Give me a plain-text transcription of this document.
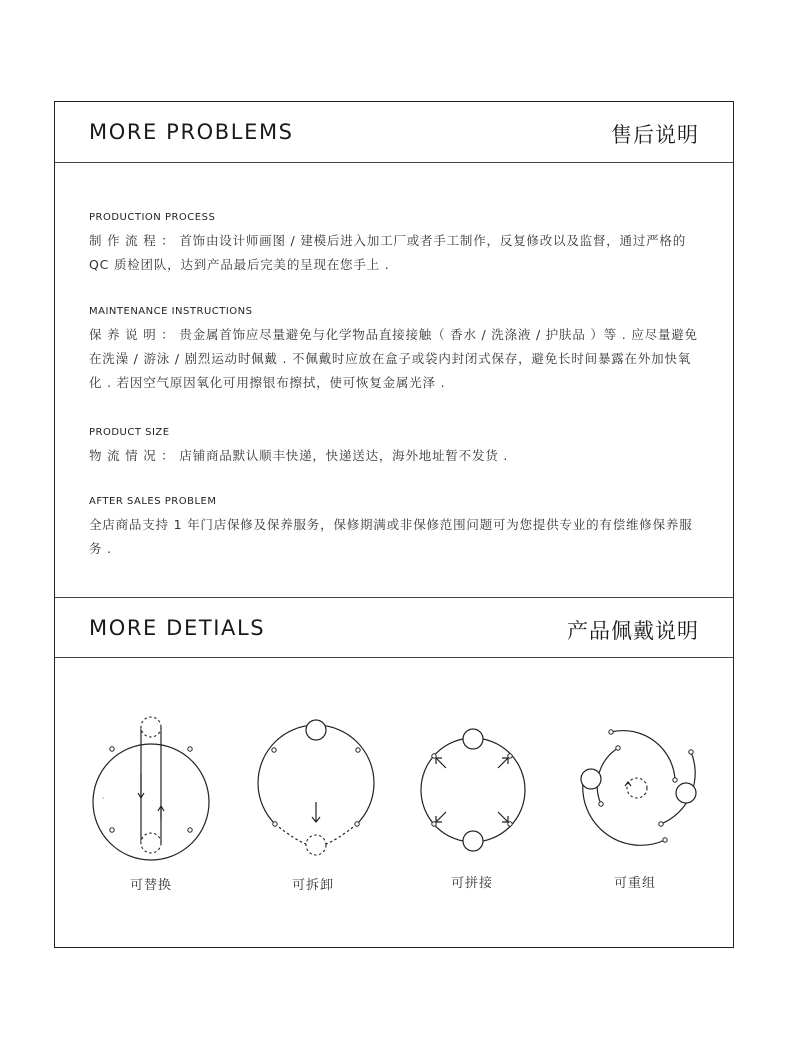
MORE PROBLEMS	售后说明
PRODUCTION PROCESS
制 作 流 程 ： 首饰由设计师画图 / 建模后进入加工厂或者手工制作，反复修改以及监督，通过严格的 QC 质检团队，达到产品最后完美的呈现在您手上 .
MAINTENANCE INSTRUCTIONS
保 养 说 明 ： 贵金属首饰应尽量避免与化学物品直接接触（ 香水 / 洗涤液 / 护肤品 ）等 . 应尽量避免在洗澡 / 游泳 / 剧烈运动时佩戴 . 不佩戴时应放在盒子或袋内封闭式保存，避免长时间暴露在外加快氧化 . 若因空气原因氧化可用擦银布擦拭，使可恢复金属光泽 .
PRODUCT SIZE
物 流 情 况 ： 店铺商品默认顺丰快递，快递送达，海外地址暂不发货 .
AFTER SALES PROBLEM
全店商品支持 1 年门店保修及保养服务，保修期满或非保修范围问题可为您提供专业的有偿维修保养服务 .
MORE DETIALS	产品佩戴说明
可替换	可拆卸	可拼接	可重组
